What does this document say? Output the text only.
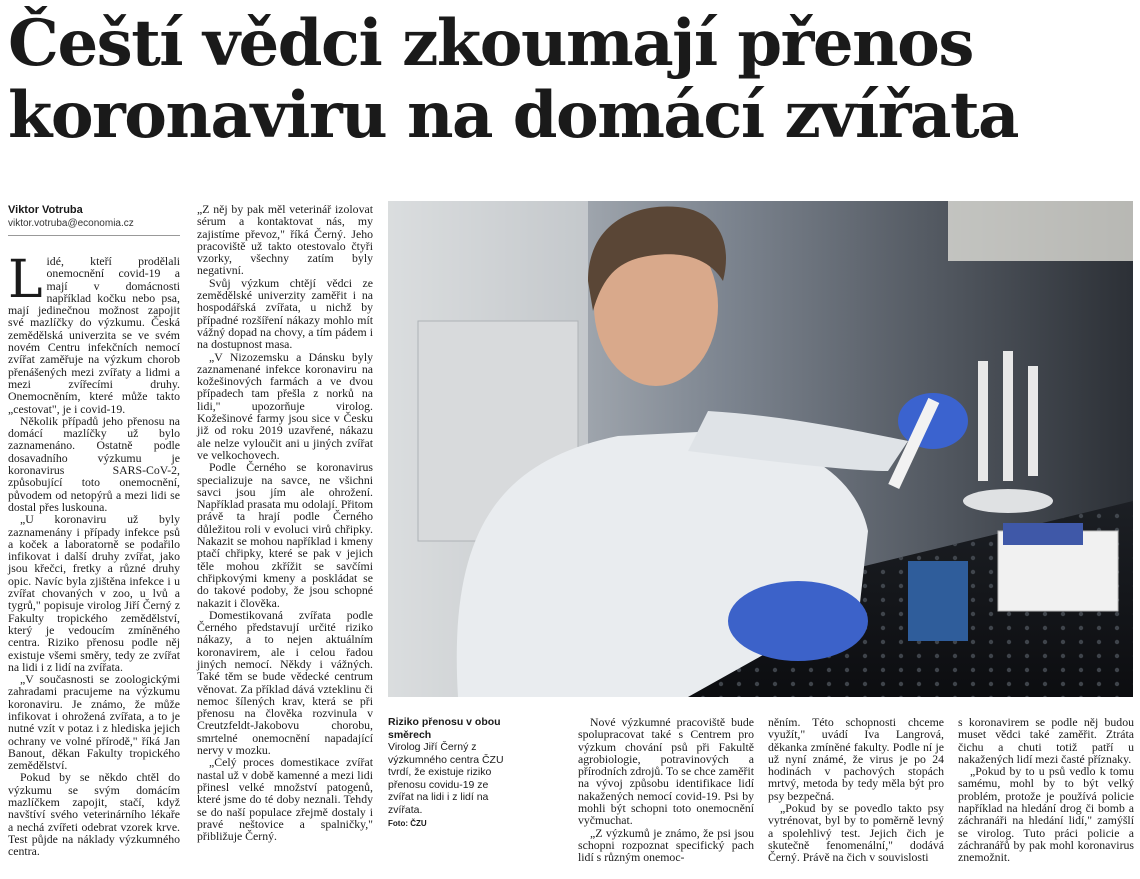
Čeští vědci zkoumají přenos koronaviru na domácí zvířata
Viktor Votruba
viktor.votruba@economia.cz

Lidé, kteří prodělali onemocnění covid-19 a mají v domácnosti například kočku nebo psa, mají jedinečnou možnost zapojit své mazlíčky do výzkumu. Česká zemědělská univerzita se ve svém novém Centru infekčních nemocí zvířat zaměřuje na výzkum chorob přenášených mezi zvířaty a lidmi a mezi zvířecími druhy. Onemocněním, které může takto „cestovat", je i covid-19.

Několik případů jeho přenosu na domácí mazlíčky už bylo zaznamenáno. Ostatně podle dosavadního výzkumu je koronavirus SARS-CoV-2, způsobující toto onemocnění, původem od netopýrů a mezi lidi se dostal přes luskouna.

„U koronaviru už byly zaznamenány i případy infekce psů a koček a laboratorně se podařilo infikovat i další druhy zvířat, jako jsou křečci, fretky a různé druhy opic. Navíc byla zjištěna infekce i u zvířat chovaných v zoo, u lvů a tygrů," popisuje virolog Jiří Černý z Fakulty tropického zemědělství, který je vedoucím zmíněného centra. Riziko přenosu podle něj existuje všemi směry, tedy ze zvířat na lidi i z lidí na zvířata.

„V současnosti se zoologickými zahradami pracujeme na výzkumu koronaviru. Je známo, že může infikovat i ohrožená zvířata, a to je nutné vzít v potaz i z hlediska jejich ochrany ve volné přírodě," říká Jan Banout, děkan Fakulty tropického zemědělství.

Pokud by se někdo chtěl do výzkumu se svým domácím mazlíčkem zapojit, stačí, když navštíví svého veterinárního lékaře a nechá zvířeti odebrat vzorek krve. Test půjde na náklady výzkumného centra.

„Z něj by pak měl veterinář izolovat sérum a kontaktovat nás, my zajistíme převoz," říká Černý. Jeho pracoviště už takto otestovalo čtyři vzorky, všechny zatím byly negativní.

Svůj výzkum chtějí vědci ze zemědělské univerzity zaměřit i na hospodářská zvířata, u nichž by případné rozšíření nákazy mohlo mít vážný dopad na chovy, a tím pádem i na dostupnost masa.

„V Nizozemsku a Dánsku byly zaznamenané infekce koronaviru na kožešinových farmách a ve dvou případech tam přešla z norků na lidi," upozorňuje virolog. Kožešinové farmy jsou sice v Česku již od roku 2019 uzavřené, nákazu ale nelze vyloučit ani u jiných zvířat ve velkochovech.

Podle Černého se koronavirus specializuje na savce, ne všichni savci jsou jím ale ohrožení. Například prasata mu odolají. Přitom právě ta hrají podle Černého důležitou roli v evoluci virů chřipky. Nakazit se mohou například i kmeny ptačí chřipky, které se pak v jejich těle mohou zkřížit se savčími chřipkovými kmeny a poskládat se do takové podoby, že jsou schopné nakazit i člověka.

Domestikovaná zvířata podle Černého představují určité riziko nákazy, a to nejen aktuálním koronavirem, ale i celou řadou jiných nemocí. Někdy i vážných. Také těm se bude vědecké centrum věnovat. Za příklad dává vzteklinu či nemoc šílených krav, která se při přenosu na člověka rozvinula v Creutzfeldt-Jakobovu chorobu, smrtelné onemocnění napadající nervy v mozku.

„Celý proces domestikace zvířat nastal už v době kamenné a mezi lidi přinesl velké množství patogenů, které jsme do té doby neznali. Tehdy se do naší populace zřejmě dostaly i pravé neštovice a spalničky," přibližuje Černý.

Riziko přenosu v obou směrech
Virolog Jiří Černý z výzkumného centra ČZU tvrdí, že existuje riziko přenosu covidu-19 ze zvířat na lidi i z lidí na zvířata.
Foto: ČZU

Nové výzkumné pracoviště bude spolupracovat také s Centrem pro výzkum chování psů při Fakultě agrobiologie, potravinových a přírodních zdrojů. To se chce zaměřit na vývoj způsobu identifikace lidí nakažených nemocí covid-19. Psi by mohli být schopni toto onemocnění vyčmuchat.

„Z výzkumů je známo, že psi jsou schopni rozpoznat specifický pach lidí s různým onemoc-

něním. Této schopnosti chceme využít," uvádí Iva Langrová, děkanka zmíněné fakulty. Podle ní je už nyní známé, že virus je po 24 hodinách v pachových stopách mrtvý, metoda by tedy měla být pro psy bezpečná.

„Pokud by se povedlo takto psy vytrénovat, byl by to poměrně levný a spolehlivý test. Jejich čich je skutečně fenomenální," dodává Černý. Právě na čich v souvislosti

s koronavirem se podle něj budou muset vědci také zaměřit. Ztráta čichu a chuti totiž patří u nakažených lidí mezi časté příznaky.

„Pokud by to u psů vedlo k tomu samému, mohl by to být velký problém, protože je používá policie například na hledání drog či bomb a záchranáři na hledání lidí," zamýšlí se virolog. Tuto práci policie a záchranářů by pak mohl koronavirus znemožnit.
